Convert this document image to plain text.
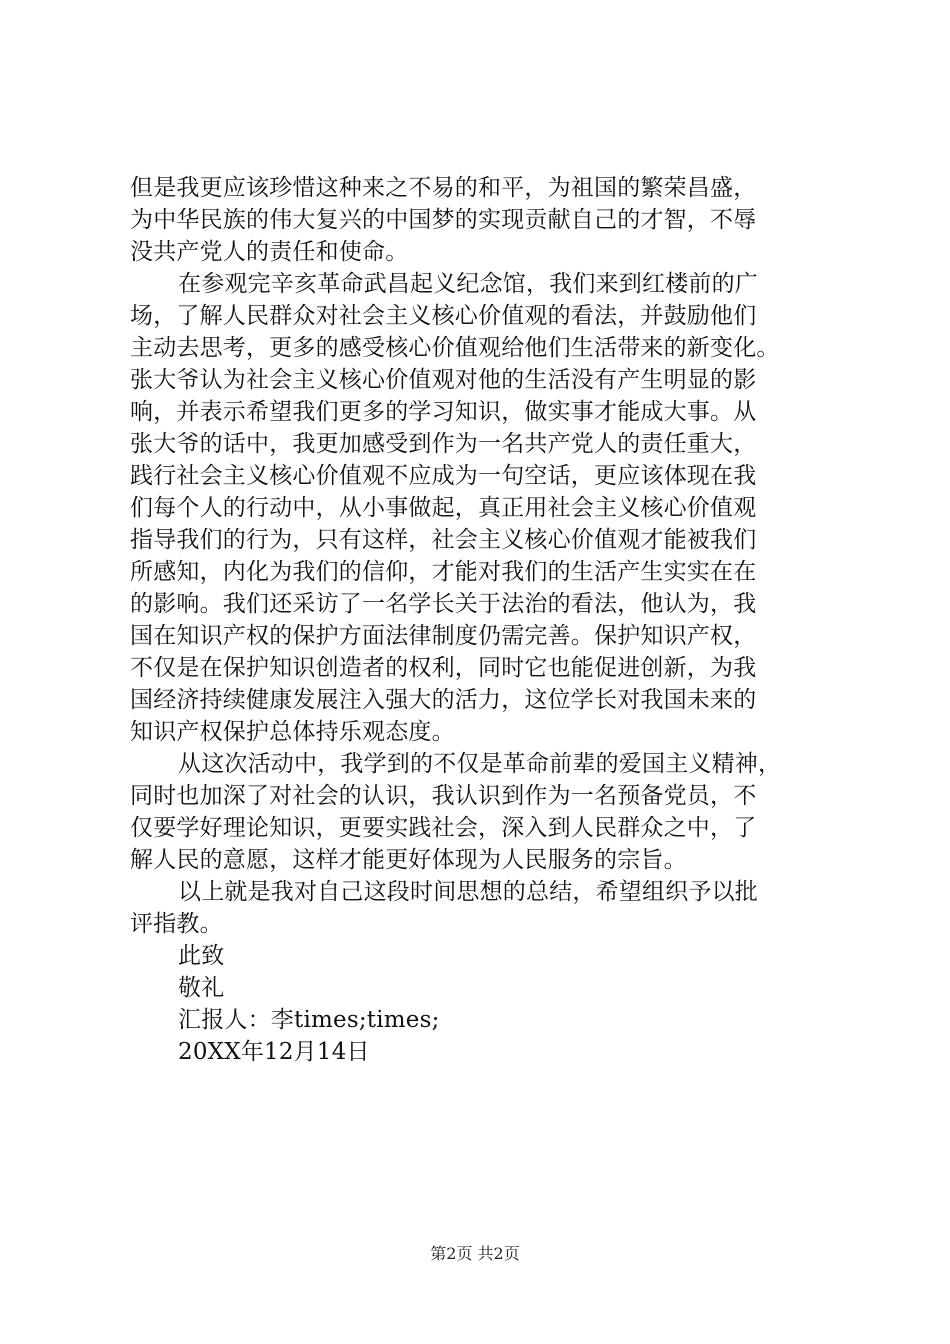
但是我更应该珍惜这种来之不易的和平，为祖国的繁荣昌盛，
为中华民族的伟大复兴的中国梦的实现贡献自己的才智，不辱
没共产党人的责任和使命。
在参观完辛亥革命武昌起义纪念馆，我们来到红楼前的广
场，了解人民群众对社会主义核心价值观的看法，并鼓励他们
主动去思考，更多的感受核心价值观给他们生活带来的新变化。
张大爷认为社会主义核心价值观对他的生活没有产生明显的影
响，并表示希望我们更多的学习知识，做实事才能成大事。从
张大爷的话中，我更加感受到作为一名共产党人的责任重大，
践行社会主义核心价值观不应成为一句空话，更应该体现在我
们每个人的行动中，从小事做起，真正用社会主义核心价值观
指导我们的行为，只有这样，社会主义核心价值观才能被我们
所感知，内化为我们的信仰，才能对我们的生活产生实实在在
的影响。我们还采访了一名学长关于法治的看法，他认为，我
国在知识产权的保护方面法律制度仍需完善。保护知识产权，
不仅是在保护知识创造者的权利，同时它也能促进创新，为我
国经济持续健康发展注入强大的活力，这位学长对我国未来的
知识产权保护总体持乐观态度。
从这次活动中，我学到的不仅是革命前辈的爱国主义精神，
同时也加深了对社会的认识，我认识到作为一名预备党员，不
仅要学好理论知识，更要实践社会，深入到人民群众之中，了
解人民的意愿，这样才能更好体现为人民服务的宗旨。
以上就是我对自己这段时间思想的总结，希望组织予以批
评指教。
此致
敬礼
汇报人：李times;times;
20XX年12月14日
第2页 共2页
